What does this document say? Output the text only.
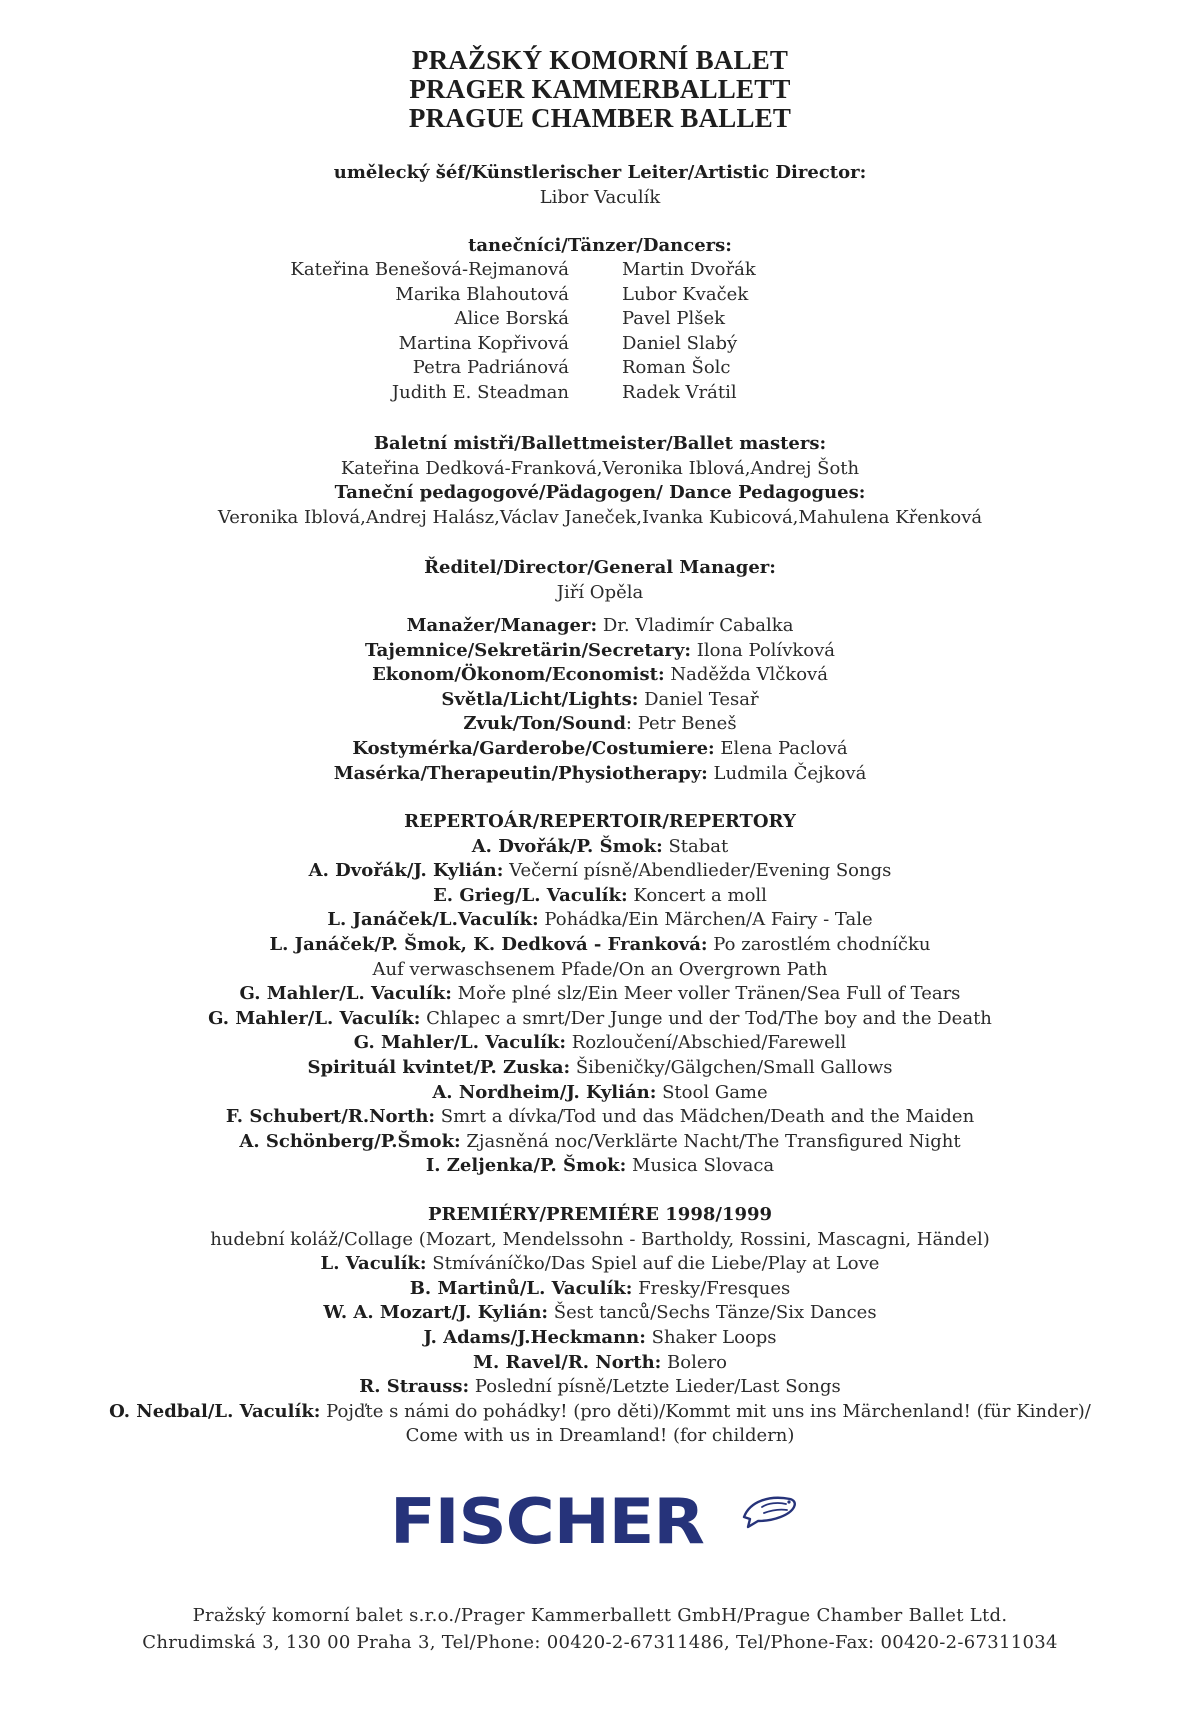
PRAŽSKÝ KOMORNÍ BALET
PRAGER KAMMERBALLETT
PRAGUE CHAMBER BALLET
umělecký šéf/Künstlerischer Leiter/Artistic Director:
Libor Vaculík
tanečníci/Tänzer/Dancers:
Kateřina Benešová-Rejmanová
Marika Blahoutová
Alice Borská
Martina Kopřivová
Petra Padriánová
Judith E. Steadman
Martin Dvořák
Lubor Kvaček
Pavel Plšek
Daniel Slabý
Roman Šolc
Radek Vrátil
Baletní mistři/Ballettmeister/Ballet masters:
Kateřina Dedková-Franková,Veronika Iblová,Andrej Šoth
Taneční pedagogové/Pädagogen/ Dance Pedagogues:
Veronika Iblová,Andrej Halász,Václav Janeček,Ivanka Kubicová,Mahulena Křenková
Ředitel/Director/General Manager:
Jiří Opěla
Manažer/Manager: Dr. Vladimír Cabalka
Tajemnice/Sekretärin/Secretary: Ilona Polívková
Ekonom/Ökonom/Economist: Naděžda Vlčková
Světla/Licht/Lights: Daniel Tesař
Zvuk/Ton/Sound: Petr Beneš
Kostymérka/Garderobe/Costumiere: Elena Paclová
Masérka/Therapeutin/Physiotherapy: Ludmila Čejková
REPERTOÁR/REPERTOIR/REPERTORY
A. Dvořák/P. Šmok: Stabat
A. Dvořák/J. Kylián: Večerní písně/Abendlieder/Evening Songs
E. Grieg/L. Vaculík: Koncert a moll
L. Janáček/L.Vaculík: Pohádka/Ein Märchen/A Fairy - Tale
L. Janáček/P. Šmok, K. Dedková - Franková: Po zarostlém chodníčku
Auf verwaschsenem Pfade/On an Overgrown Path
G. Mahler/L. Vaculík: Moře plné slz/Ein Meer voller Tränen/Sea Full of Tears
G. Mahler/L. Vaculík: Chlapec a smrt/Der Junge und der Tod/The boy and the Death
G. Mahler/L. Vaculík: Rozloučení/Abschied/Farewell
Spirituál kvintet/P. Zuska: Šibeničky/Gälgchen/Small Gallows
A. Nordheim/J. Kylián: Stool Game
F. Schubert/R.North: Smrt a dívka/Tod und das Mädchen/Death and the Maiden
A. Schönberg/P.Šmok: Zjasněná noc/Verklärte Nacht/The Transfigured Night
I. Zeljenka/P. Šmok: Musica Slovaca
PREMIÉRY/PREMIÉRE 1998/1999
hudební koláž/Collage (Mozart, Mendelssohn - Bartholdy, Rossini, Mascagni, Händel)
L. Vaculík: Stmíváníčko/Das Spiel auf die Liebe/Play at Love
B. Martinů/L. Vaculík: Fresky/Fresques
W. A. Mozart/J. Kylián: Šest tanců/Sechs Tänze/Six Dances
J. Adams/J.Heckmann: Shaker Loops
M. Ravel/R. North: Bolero
R. Strauss: Poslední písně/Letzte Lieder/Last Songs
O. Nedbal/L. Vaculík: Pojďte s námi do pohádky! (pro děti)/Kommt mit uns ins Märchenland! (für Kinder)/
Come with us in Dreamland! (for childern)
FISCHER
Pražský komorní balet s.r.o./Prager Kammerballett GmbH/Prague Chamber Ballet Ltd.
Chrudimská 3, 130 00 Praha 3, Tel/Phone: 00420-2-67311486, Tel/Phone-Fax: 00420-2-67311034
